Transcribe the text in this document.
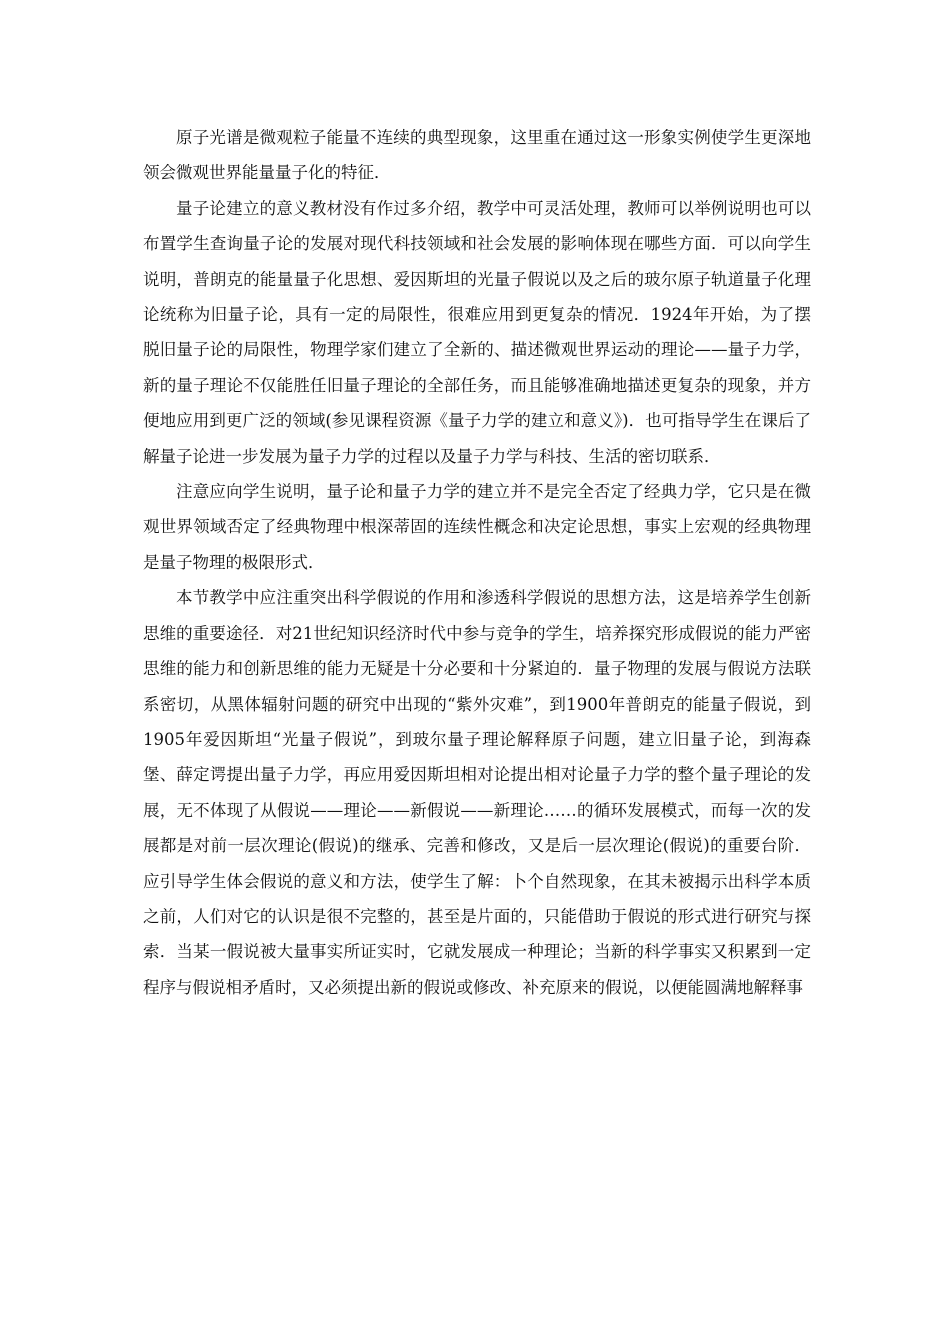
原子光谱是微观粒子能量不连续的典型现象，这里重在通过这一形象实例使学生更深地领会微观世界能量量子化的特征．

量子论建立的意义教材没有作过多介绍，教学中可灵活处理，教师可以举例说明也可以布置学生查询量子论的发展对现代科技领域和社会发展的影响体现在哪些方面．可以向学生说明，普朗克的能量量子化思想、爱因斯坦的光量子假说以及之后的玻尔原子轨道量子化理论统称为旧量子论，具有一定的局限性，很难应用到更复杂的情况．1924年开始，为了摆脱旧量子论的局限性，物理学家们建立了全新的、描述微观世界运动的理论——量子力学，新的量子理论不仅能胜任旧量子理论的全部任务，而且能够准确地描述更复杂的现象，并方便地应用到更广泛的领域(参见课程资源《量子力学的建立和意义》)．也可指导学生在课后了解量子论进一步发展为量子力学的过程以及量子力学与科技、生活的密切联系．

注意应向学生说明，量子论和量子力学的建立并不是完全否定了经典力学，它只是在微观世界领域否定了经典物理中根深蒂固的连续性概念和决定论思想，事实上宏观的经典物理是量子物理的极限形式．

本节教学中应注重突出科学假说的作用和渗透科学假说的思想方法，这是培养学生创新思维的重要途径．对21世纪知识经济时代中参与竞争的学生，培养探究形成假说的能力严密思维的能力和创新思维的能力无疑是十分必要和十分紧迫的．量子物理的发展与假说方法联系密切，从黑体辐射问题的研究中出现的“紫外灾难”，到1900年普朗克的能量子假说，到1905年爱因斯坦“光量子假说”，到玻尔量子理论解释原子问题，建立旧量子论，到海森堡、薛定谔提出量子力学，再应用爱因斯坦相对论提出相对论量子力学的整个量子理论的发展，无不体现了从假说——理论——新假说——新理论……的循环发展模式，而每一次的发展都是对前一层次理论(假说)的继承、完善和修改，又是后一层次理论(假说)的重要台阶．应引导学生体会假说的意义和方法，使学生了解：卜个自然现象，在其未被揭示出科学本质之前，人们对它的认识是很不完整的，甚至是片面的，只能借助于假说的形式进行研究与探索．当某一假说被大量事实所证实时，它就发展成一种理论；当新的科学事实又积累到一定程序与假说相矛盾时，又必须提出新的假说或修改、补充原来的假说，以便能圆满地解释事
